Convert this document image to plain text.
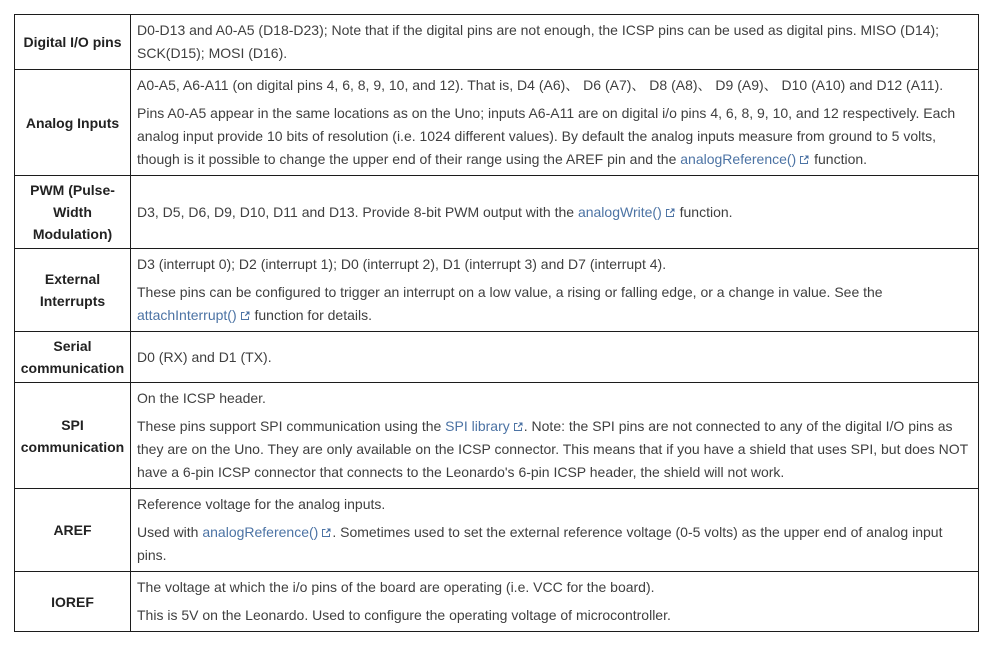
Digital I/O pins	D0-D13 and A0-A5 (D18-D23); Note that if the digital pins are not enough, the ICSP pins can be used as digital pins. MISO (D14); SCK(D15); MOSI (D16).

Analog Inputs	A0-A5, A6-A11 (on digital pins 4, 6, 8, 9, 10, and 12). That is, D4 (A6)、 D6 (A7)、 D8 (A8)、 D9 (A9)、 D10 (A10) and D12 (A11).

Pins A0-A5 appear in the same locations as on the Uno; inputs A6-A11 are on digital i/o pins 4, 6, 8, 9, 10, and 12 respectively. Each analog input provide 10 bits of resolution (i.e. 1024 different values). By default the analog inputs measure from ground to 5 volts, though is it possible to change the upper end of their range using the AREF pin and the analogReference() function.

PWM (Pulse-Width Modulation)	D3, D5, D6, D9, D10, D11 and D13. Provide 8-bit PWM output with the analogWrite() function.

External Interrupts	D3 (interrupt 0); D2 (interrupt 1); D0 (interrupt 2), D1 (interrupt 3) and D7 (interrupt 4).

These pins can be configured to trigger an interrupt on a low value, a rising or falling edge, or a change in value. See the attachInterrupt() function for details.

Serial communication	D0 (RX) and D1 (TX).

SPI communication	On the ICSP header.

These pins support SPI communication using the SPI library . Note: the SPI pins are not connected to any of the digital I/O pins as they are on the Uno. They are only available on the ICSP connector. This means that if you have a shield that uses SPI, but does NOT have a 6-pin ICSP connector that connects to the Leonardo's 6-pin ICSP header, the shield will not work.

AREF	Reference voltage for the analog inputs.

Used with analogReference() . Sometimes used to set the external reference voltage (0-5 volts) as the upper end of analog input pins.

IOREF	The voltage at which the i/o pins of the board are operating (i.e. VCC for the board).

This is 5V on the Leonardo. Used to configure the operating voltage of microcontroller.
